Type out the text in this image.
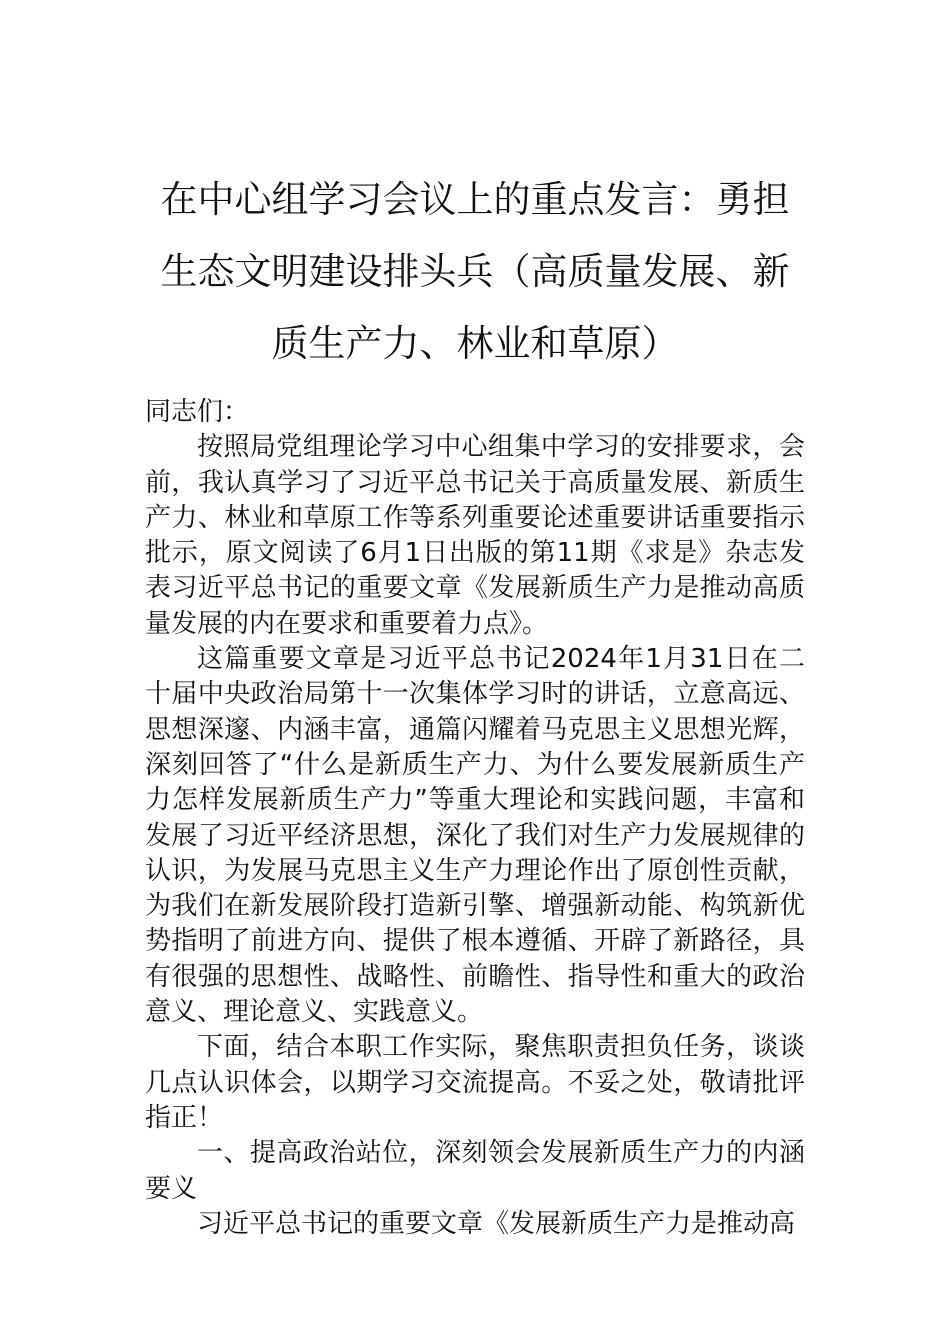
在中心组学习会议上的重点发言：勇担生态文明建设排头兵（高质量发展、新质生产力、林业和草原）

同志们：

按照局党组理论学习中心组集中学习的安排要求，会前，我认真学习了习近平总书记关于高质量发展、新质生产力、林业和草原工作等系列重要论述重要讲话重要指示批示，原文阅读了6月1日出版的第11期《求是》杂志发表习近平总书记的重要文章《发展新质生产力是推动高质量发展的内在要求和重要着力点》。

这篇重要文章是习近平总书记2024年1月31日在二十届中央政治局第十一次集体学习时的讲话，立意高远、思想深邃、内涵丰富，通篇闪耀着马克思主义思想光辉，深刻回答了“什么是新质生产力、为什么要发展新质生产力怎样发展新质生产力”等重大理论和实践问题，丰富和发展了习近平经济思想，深化了我们对生产力发展规律的认识，为发展马克思主义生产力理论作出了原创性贡献，为我们在新发展阶段打造新引擎、增强新动能、构筑新优势指明了前进方向、提供了根本遵循、开辟了新路径，具有很强的思想性、战略性、前瞻性、指导性和重大的政治意义、理论意义、实践意义。

下面，结合本职工作实际，聚焦职责担负任务，谈谈几点认识体会，以期学习交流提高。不妥之处，敬请批评指正！

一、提高政治站位，深刻领会发展新质生产力的内涵要义

习近平总书记的重要文章《发展新质生产力是推动高
